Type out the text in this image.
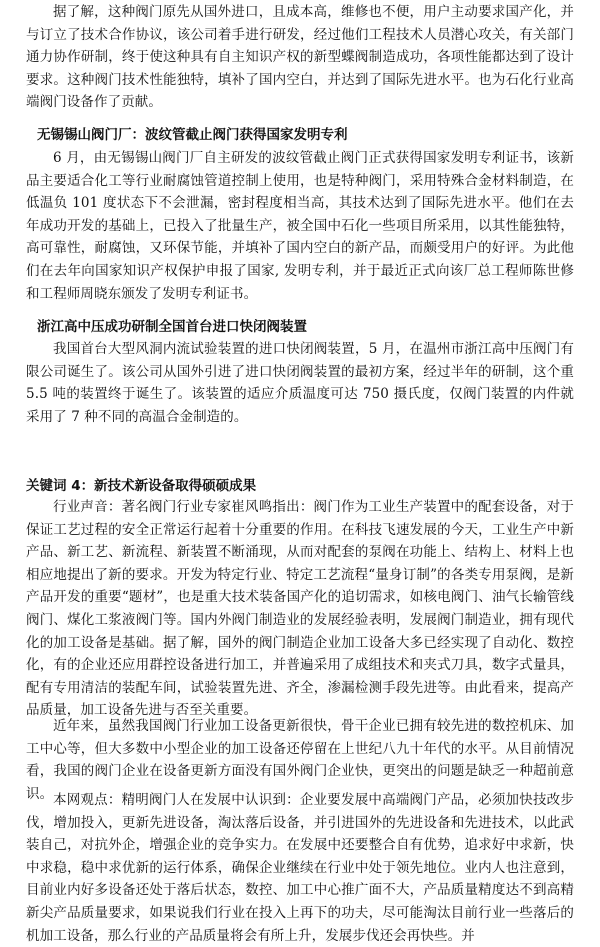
据了解，这种阀门原先从国外进口，且成本高，维修也不便，用户主动要求国产化，并与订立了技术合作协议，该公司着手进行研发，经过他们工程技术人员潜心攻关，有关部门通力协作研制，终于使这种具有自主知识产权的新型蝶阀制造成功，各项性能都达到了设计要求。这种阀门技术性能独特，填补了国内空白，并达到了国际先进水平。也为石化行业高端阀门设备作了贡献。

无锡锡山阀门厂：波纹管截止阀门获得国家发明专利

6 月，由无锡锡山阀门厂自主研发的波纹管截止阀门正式获得国家发明专利证书，该新品主要适合化工等行业耐腐蚀管道控制上使用，也是特种阀门，采用特殊合金材料制造，在低温负 101 度状态下不会泄漏，密封程度相当高，其技术达到了国际先进水平。他们在去年成功开发的基础上，已投入了批量生产，被全国中石化一些项目所采用，以其性能独特，高可靠性，耐腐蚀，又环保节能，并填补了国内空白的新产品，而颇受用户的好评。为此他们在去年向国家知识产权保护申报了国家, 发明专利，并于最近正式向该厂总工程师陈世修和工程师周晓东颁发了发明专利证书。

浙江高中压成功研制全国首台进口快闭阀装置

我国首台大型风洞内流试验装置的进口快闭阀装置，5 月，在温州市浙江高中压阀门有限公司诞生了。该公司从国外引进了进口快闭阀装置的最初方案，经过半年的研制，这个重 5.5 吨的装置终于诞生了。该装置的适应介质温度可达 750 摄氏度，仅阀门装置的内件就采用了 7 种不同的高温合金制造的。

关键词 4：新技术新设备取得硕硕成果

行业声音：著名阀门行业专家崔风鸣指出：阀门作为工业生产装置中的配套设备，对于保证工艺过程的安全正常运行起着十分重要的作用。在科技飞速发展的今天，工业生产中新产品、新工艺、新流程、新装置不断涌现，从而对配套的泵阀在功能上、结构上、材料上也相应地提出了新的要求。开发为特定行业、特定工艺流程“量身订制”的各类专用泵阀，是新产品开发的重要“题材”，也是重大技术装备国产化的追切需求，如核电阀门、油气长输管线阀门、煤化工浆液阀门等。国内外阀门制造业的发展经验表明，发展阀门制造业，拥有现代化的加工设备是基础。据了解，国外的阀门制造企业加工设备大多已经实现了自动化、数控化，有的企业还应用群控设备进行加工，并普遍采用了成组技术和夹式刀具，数字式量具，配有专用清洁的装配车间，试验装置先进、齐全，渗漏检测手段先进等。由此看来，提高产品质量，加工设备先进与否至关重要。

近年来，虽然我国阀门行业加工设备更新很快，骨干企业已拥有较先进的数控机床、加工中心等，但大多数中小型企业的加工设备还停留在上世纪八九十年代的水平。从目前情况看，我国的阀门企业在设备更新方面没有国外阀门企业快，更突出的问题是缺乏一种超前意识。 本网观点：精明阀门人在发展中认识到：企业要发展中高端阀门产品，必须加快技改步伐，增加投入，更新先进设备，淘汰落后设备，并引进国外的先进设备和先进技术，以此武装自己，对抗外企，增强企业的竞争实力。在发展中还要整合自有优势，追求好中求新，快中求稳，稳中求优新的运行体系，确保企业继续在行业中处于领先地位。业内人也注意到，目前业内好多设备还处于落后状态，数控、加工中心推广面不大，产品质量精度达不到高精新尖产品质量要求，如果说我们行业在投入上再下的功夫，尽可能淘汰目前行业一些落后的机加工设备，那么行业的产品质量将会有所上升，发展步伐还会再快些。并
